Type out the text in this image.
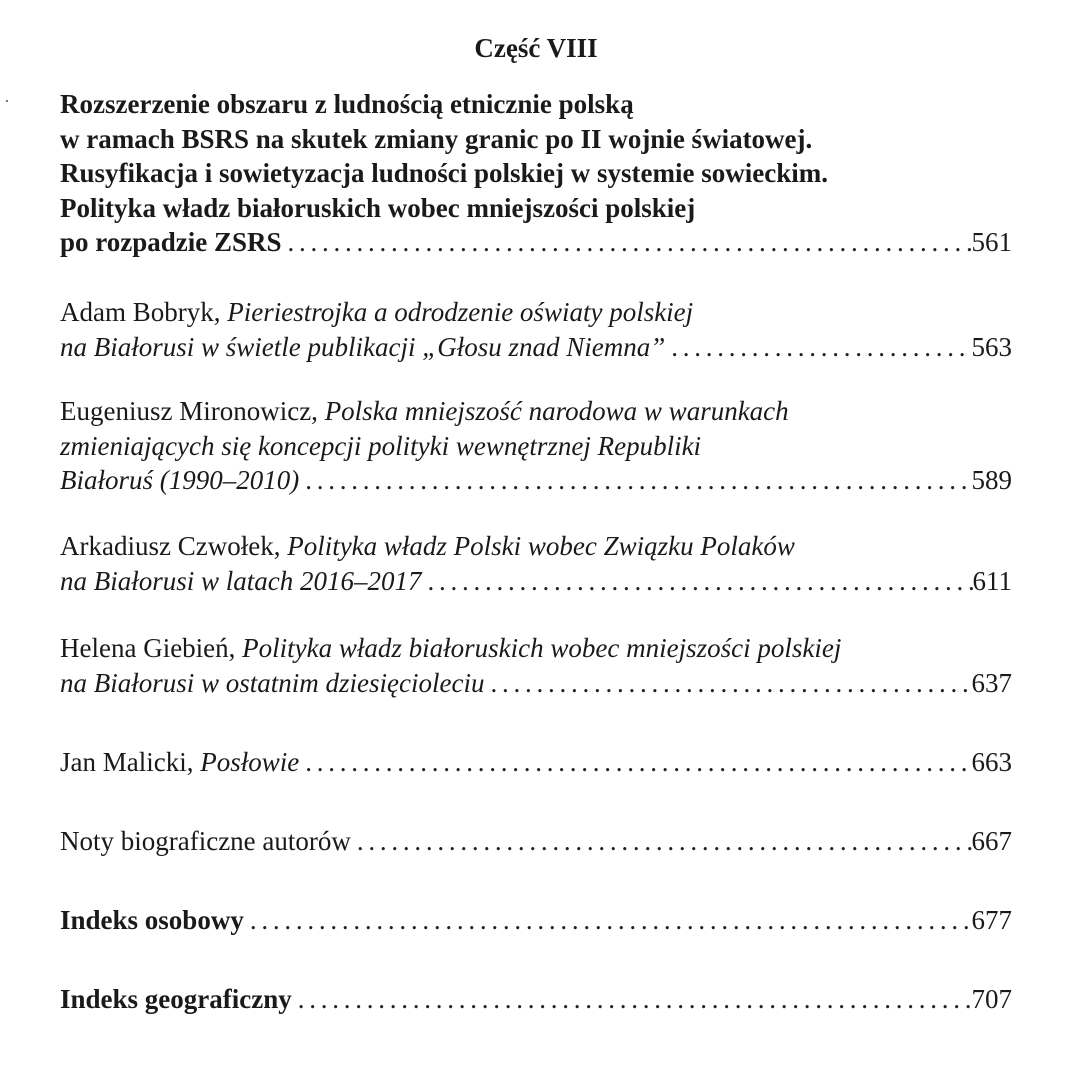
Część VIII
Rozszerzenie obszaru z ludnością etnicznie polską
w ramach BSRS na skutek zmiany granic po II wojnie światowej.
Rusyfikacja i sowietyzacja ludności polskiej w systemie sowieckim.
Polityka władz białoruskich wobec mniejszości polskiej
po rozpadzie ZSRS . . .	561
Adam Bobryk, Pieriestrojka a odrodzenie oświaty polskiej
na Białorusi w świetle publikacji „Głosu znad Niemna” . . .	563
Eugeniusz Mironowicz, Polska mniejszość narodowa w warunkach
zmieniających się koncepcji polityki wewnętrznej Republiki
Białoruś (1990–2010) . . .	589
Arkadiusz Czwołek, Polityka władz Polski wobec Związku Polaków
na Białorusi w latach 2016–2017 . . .	611
Helena Giebień, Polityka władz białoruskich wobec mniejszości polskiej
na Białorusi w ostatnim dziesięcioleciu . . .	637
Jan Malicki, Posłowie . . .	663
Noty biograficzne autorów . . .	667
Indeks osobowy . . .	677
Indeks geograficzny . . .	707
